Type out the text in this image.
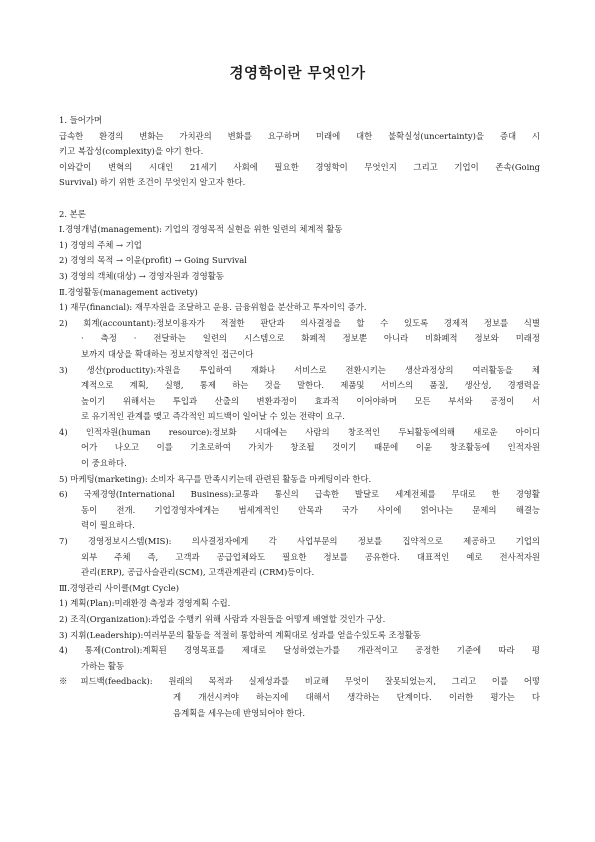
경영학이란 무엇인가
1. 들어가며
급속한 환경의 변화는 가치관의 변화를 요구하며 미래에 대한 불확실성(uncertainty)을 증대 시
키고 복잡성(complexity)을 야기 한다.
이와같이 변혁의 시대인 21세기 사회에 필요한 경영학이 무엇인지 그리고 기업이 존속(Going
Survival) 하기 위한 조건이 무엇인지 알고자 한다.
2. 본론
Ⅰ.경영개념(management): 기업의 경영목적 실현을 위한 일련의 체계적 활동
1) 경영의 주체 → 기업
2) 경영의 목적 → 이윤(profit) → Going Survival
3) 경영의 객체(대상) → 경영자원과 경영활동
Ⅱ.경영활동(management activety)
1) 재무(financial): 재무자원을 조달하고 운용. 금융위험을 분산하고 투자이익 증가.
2) 회계(accountant):정보이용자가 적절한 판단과 의사결정을 할 수 있도록 경제적 정보를 식별
· 측정 · 전달하는 일련의 시스템으로 화폐적 정보뿐 아니라 비화폐적 정보와 미래정
보까지 대상을 확대하는 정보지향적인 접근이다
3) 생산(productity):자원을 투입하여 재화나 서비스로 전환시키는 생산과정상의 여러활동을 체
계적으로 계획, 실행, 통제 하는 것을 말한다. 제품및 서비스의 품질, 생산성, 경쟁력을
높이기 위해서는 투입과 산출의 변환과정이 효과적 이어야하며 모든 부서와 공정이 서
로 유기적인 관계를 맺고 즉각적인 피드백이 일어날 수 있는 전략이 요구.
4) 인적자원(human resource):정보화 시대에는 사람의 창조적인 두뇌활동에의해 새로운 아이디
어가 나오고 이를 기초로하여 가치가 창조될 것이기 때문에 이윤 창조활동에 인적자원
이 중요하다.
5) 마케팅(marketing): 소비자 욕구를 만족시키는데 관련된 활동을 마케팅이라 한다.
6) 국제경영(International Business):교통과 통신의 급속한 발달로 세계전체를 무대로 한 경영활
동이 전개. 기업경영자에게는 범세계적인 안목과 국가 사이에 얽어나는 문제의 해결능
력이 필요하다.
7) 경영정보시스템(MIS): 의사결정자에게 각 사업부문의 정보를 집약적으로 제공하고 기업의
외부 주체 즉, 고객과 공급업체와도 필요한 정보를 공유한다. 대표적인 예로 전사적자원
관리(ERP), 공급사슬관리(SCM), 고객관계관리 (CRM)등이다.
Ⅲ.경영관리 사이클(Mgt Cycle)
1) 계획(Plan):미래환경 측정과 경영계획 수립.
2) 조직(Organization):과업을 수행키 위해 사람과 자원들을 어떻게 배열할 것인가 구상.
3) 지휘(Leadership):여러부문의 활동을 적절히 통합하여 계획대로 성과를 얻을수있도록 조정활동
4) 통제(Control):계획된 경영목표를 제대로 달성하였는가를 개관적이고 공정한 기준에 따라 평
가하는 활동
※피드백(feedback): 원래의 목적과 실제성과를 비교해 무엇이 잘못되었는지, 그리고 이를 어떻
게 개선시켜야 하는지에 대해서 생각하는 단계이다. 이러한 평가는 다
음계획을 세우는데 반영되어야 한다.
